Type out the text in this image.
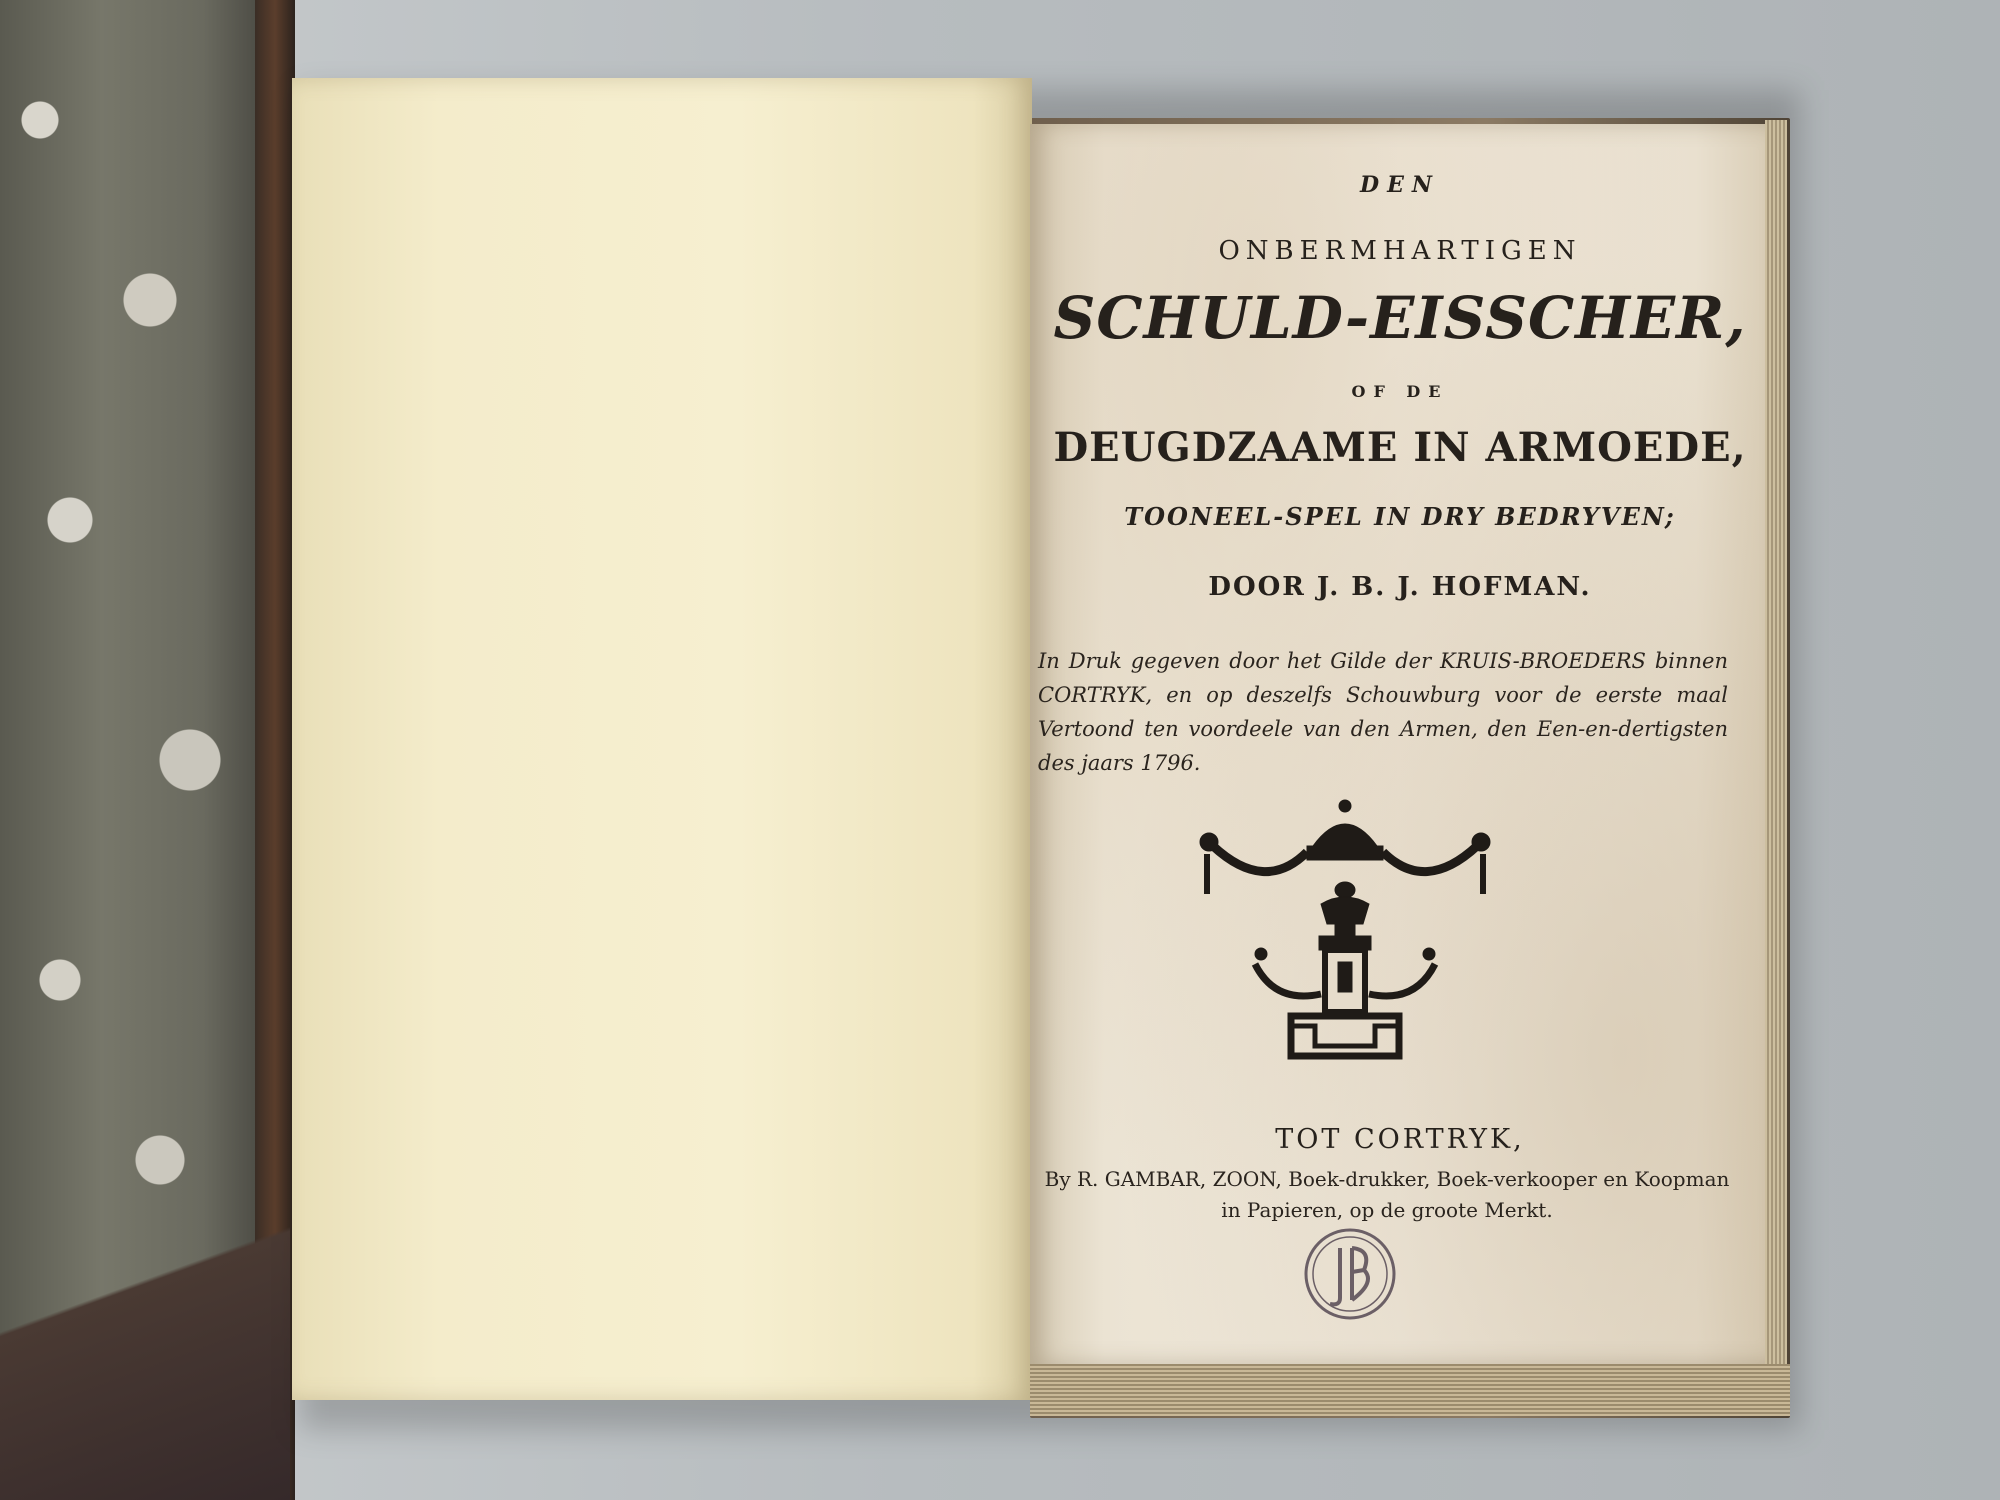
DEN
ONBERMHARTIGEN
SCHULD-EISSCHER,
OF DE
DEUGDZAAME IN ARMOEDE,
TOONEEL-SPEL IN DRY BEDRYVEN;
DOOR J. B. J. HOFMAN.
In Druk gegeven door het Gilde der KRUIS-BROEDERS binnen CORTRYK, en op deszelfs Schouwburg voor de eerste maal Vertoond ten voordeele van den Armen, den Een-en-dertigsten des jaars 1796.
TOT CORTRYK,
By R. GAMBAR, ZOON, Boek-drukker, Boek-verkooper en Koopman in Papieren, op de groote Merkt.
